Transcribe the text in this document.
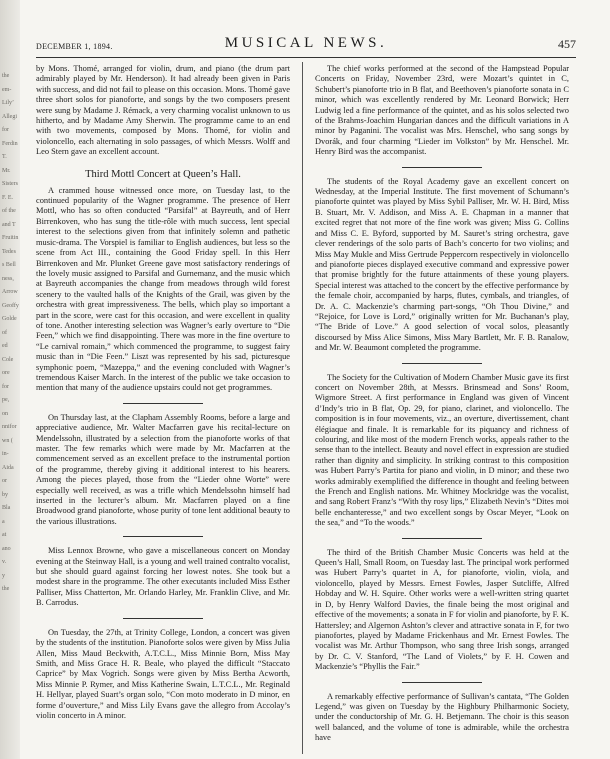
the
em-
Lily’
Allegi
for
Ferdin
T.
Mr.
Sisters
F. E.
of the
and T
Fruitin
Tedes
s Bell
ness,
Arrow
Geoffy
Golde
of
ed
Cole
ore
for
pe,
on
nnifor
wn (
in-
Aida
or
by
Bla
a
at
ano
v.
y
the
DECEMBER 1, 1894.	MUSICAL NEWS.	457

by Mons. Thomé, arranged for violin, drum, and piano (the drum part admirably played by Mr. Henderson). It had already been given in Paris with success, and did not fail to please on this occasion. Mons. Thomé gave three short solos for pianoforte, and songs by the two composers present were sung by Madame J. Rémack, a very charming vocalist unknown to us hitherto, and by Madame Amy Sherwin. The programme came to an end with two movements, composed by Mons. Thomé, for violin and violoncello, each alternating in solo passages, of which Messrs. Wolff and Leo Stern gave an excellent account.

Third Mottl Concert at Queen’s Hall.

A crammed house witnessed once more, on Tuesday last, to the continued popularity of the Wagner programme. The presence of Herr Mottl, who has so often conducted “Parsifal” at Bayreuth, and of Herr Birrenkoven, who has sung the title-rôle with much success, lent special interest to the selections given from that infinitely solemn and pathetic music-drama. The Vorspiel is familiar to English audiences, but less so the scene from Act III., containing the Good Friday spell. In this Herr Birrenkoven and Mr. Plunket Greene gave most satisfactory renderings of the lovely music assigned to Parsifal and Gurnemanz, and the music which at Bayreuth accompanies the change from meadows through wild forest scenery to the vaulted halls of the Knights of the Grail, was given by the orchestra with great impressiveness. The bells, which play so important a part in the score, were cast for this occasion, and were excellent in quality of tone. Another interesting selection was Wagner’s early overture to “Die Feen,” which we find disappointing. There was more in the fine overture to “Le carnival romain,” which commenced the programme, to suggest fairy music than in “Die Feen.” Liszt was represented by his sad, picturesque symphonic poem, “Mazeppa,” and the evening concluded with Wagner’s tremendous Kaiser March. In the interest of the public we take occasion to mention that many of the audience upstairs could not get programmes.

On Thursday last, at the Clapham Assembly Rooms, before a large and appreciative audience, Mr. Walter Macfarren gave his recital-lecture on Mendelssohn, illustrated by a selection from the pianoforte works of that master. The few remarks which were made by Mr. Macfarren at the commencement served as an excellent preface to the instrumental portion of the programme, thereby giving it additional interest to his hearers. Among the pieces played, those from the “Lieder ohne Worte” were especially well received, as was a trifle which Mendelssohn himself had inserted in the lecturer’s album. Mr. Macfarren played on a fine Broadwood grand pianoforte, whose purity of tone lent additional beauty to the various illustrations.

Miss Lennox Browne, who gave a miscellaneous concert on Monday evening at the Steinway Hall, is a young and well trained contralto vocalist, but she should guard against forcing her lowest notes. She took but a modest share in the programme. The other executants included Miss Esther Palliser, Miss Chatterton, Mr. Orlando Harley, Mr. Franklin Clive, and Mr. B. Carrodus.

On Tuesday, the 27th, at Trinity College, London, a concert was given by the students of the institution. Pianoforte solos were given by Miss Julia Allen, Miss Maud Beckwith, A.T.C.L., Miss Minnie Born, Miss May Smith, and Miss Grace H. R. Beale, who played the difficult “Staccato Caprice” by Max Vogrich. Songs were given by Miss Bertha Acworth, Miss Minnie P. Rymer, and Miss Katherine Swain, L.T.C.L., Mr. Reginald H. Hellyar, played Suart’s organ solo, “Con moto moderato in D minor, en forme d’ouverture,” and Miss Lily Evans gave the allegro from Accolay’s violin concerto in A minor.

The chief works performed at the second of the Hampstead Popular Concerts on Friday, November 23rd, were Mozart’s quintet in C, Schubert’s pianoforte trio in B flat, and Beethoven’s pianoforte sonata in C minor, which was excellently rendered by Mr. Leonard Borwick; Herr Ludwig led a fine performance of the quintet, and as his solos selected two of the Brahms-Joachim Hungarian dances and the difficult variations in A minor by Paganini. The vocalist was Mrs. Henschel, who sang songs by Dvorák, and four charming “Lieder im Volkston” by Mr. Henschel. Mr. Henry Bird was the accompanist.

The students of the Royal Academy gave an excellent concert on Wednesday, at the Imperial Institute. The first movement of Schumann’s pianoforte quintet was played by Miss Sybil Palliser, Mr. W. H. Bird, Miss B. Stuart, Mr. V. Addison, and Miss A. E. Chapman in a manner that excited regret that not more of the fine work was given; Miss G. Collins and Miss C. E. Byford, supported by M. Sauret’s string orchestra, gave clever renderings of the solo parts of Bach’s concerto for two violins; and Miss May Mukle and Miss Gertrude Peppercorn respectively in violoncello and pianoforte pieces displayed executive command and expressive power that promise brightly for the future attainments of these young players. Special interest was attached to the concert by the effective performance by the female choir, accompanied by harps, flutes, cymbals, and triangles, of Dr. A. C. Mackenzie’s charming part-songs, “Oh Thou Divine,” and “Rejoice, for Love is Lord,” originally written for Mr. Buchanan’s play, “The Bride of Love.” A good selection of vocal solos, pleasantly discoursed by Miss Alice Simons, Miss Mary Bartlett, Mr. F. B. Ranalow, and Mr. W. Beaumont completed the programme.

The Society for the Cultivation of Modern Chamber Music gave its first concert on November 28th, at Messrs. Brinsmead and Sons’ Room, Wigmore Street. A first performance in England was given of Vincent d’Indy’s trio in B flat, Op. 29, for piano, clarinet, and violoncello. The composition is in four movements, viz., an overture, divertissement, chant élégiaque and finale. It is remarkable for its piquancy and richness of colouring, and like most of the modern French works, appeals rather to the sense than to the intellect. Beauty and novel effect in expression are studied rather than dignity and simplicity. In striking contrast to this composition was Hubert Parry’s Partita for piano and violin, in D minor; and these two works admirably exemplified the difference in thought and feeling between the French and English nations. Mr. Whitney Mockridge was the vocalist, and sang Robert Franz’s “With thy rosy lips,” Elizabeth Nevin’s “Dites moi belle enchanteresse,” and two excellent songs by Oscar Meyer, “Look on the sea,” and “To the woods.”

The third of the British Chamber Music Concerts was held at the Queen’s Hall, Small Room, on Tuesday last. The principal work performed was Hubert Parry’s quartet in A, for pianoforte, violin, viola, and violoncello, played by Messrs. Ernest Fowles, Jasper Sutcliffe, Alfred Hobday and W. H. Squire. Other works were a well-written string quartet in D, by Henry Walford Davies, the finale being the most original and effective of the movements; a sonata in F for violin and pianoforte, by F. K. Hattersley; and Algernon Ashton’s clever and attractive sonata in F, for two pianofortes, played by Madame Frickenhaus and Mr. Ernest Fowles. The vocalist was Mr. Arthur Thompson, who sang three Irish songs, arranged by Dr. C. V. Stanford, “The Land of Violets,” by F. H. Cowen and Mackenzie’s “Phyllis the Fair.”

A remarkably effective performance of Sullivan’s cantata, “The Golden Legend,” was given on Tuesday by the Highbury Philharmonic Society, under the conductorship of Mr. G. H. Betjemann. The choir is this season well balanced, and the volume of tone is admirable, while the orchestra have
